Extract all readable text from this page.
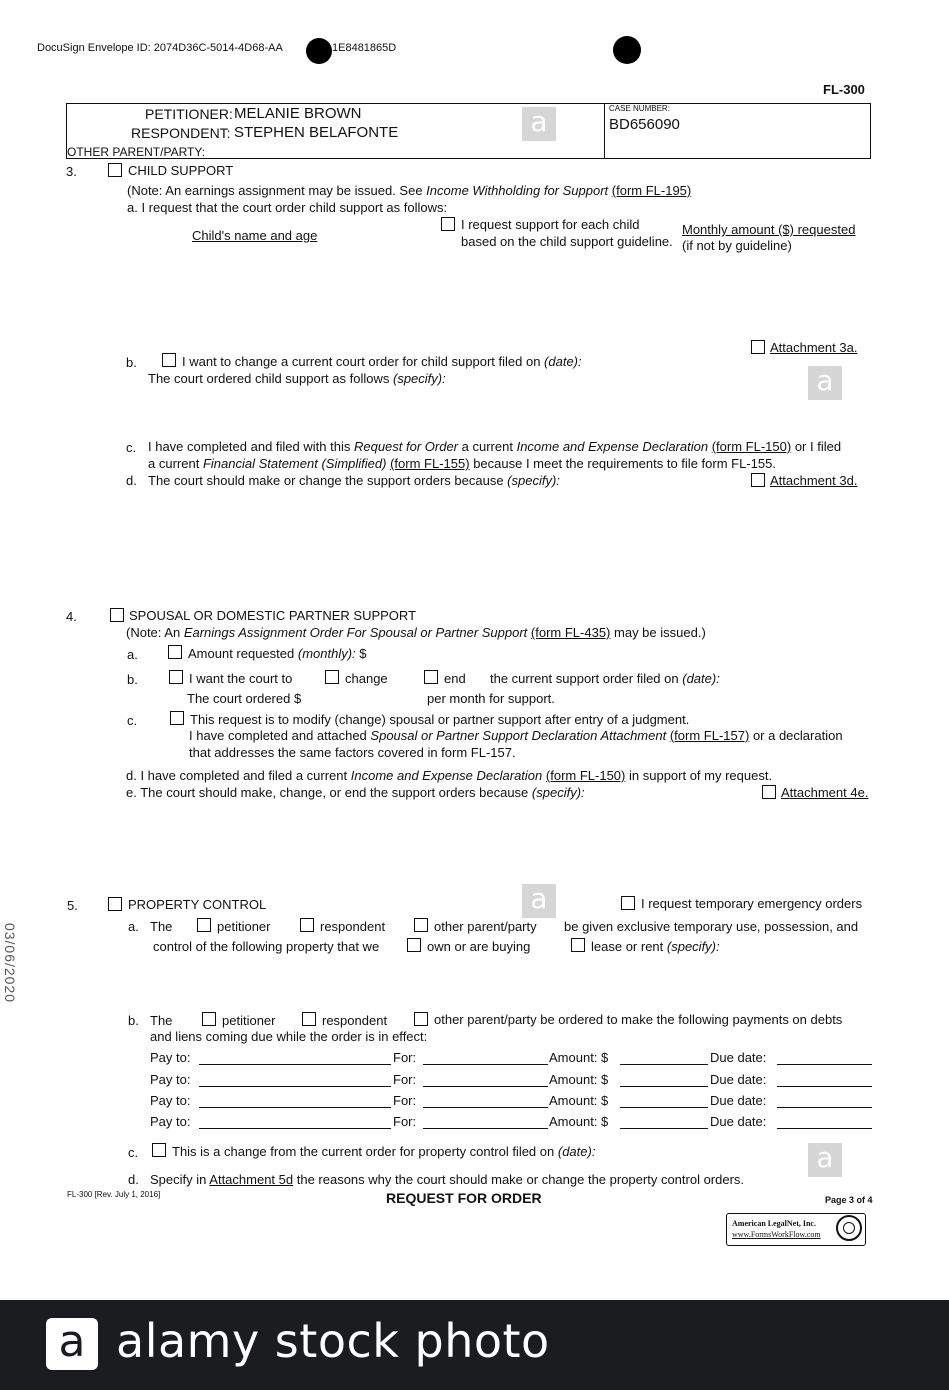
DocuSign Envelope ID: 2074D36C-5014-4D68-AA	1E8481865D
FL-300
PETITIONER: MELANIE BROWN
RESPONDENT: STEPHEN BELAFONTE
OTHER PARENT/PARTY:
CASE NUMBER:
BD656090
3.	CHILD SUPPORT
(Note: An earnings assignment may be issued. See Income Withholding for Support (form FL-195)
a. I request that the court order child support as follows:
Child's name and age
I request support for each child
based on the child support guideline.
Monthly amount ($) requested
(if not by guideline)
Attachment 3a.
b.	I want to change a current court order for child support filed on (date):
The court ordered child support as follows (specify):
c. I have completed and filed with this Request for Order a current Income and Expense Declaration (form FL-150) or I filed
a current Financial Statement (Simplified) (form FL-155) because I meet the requirements to file form FL-155.
d. The court should make or change the support orders because (specify):	Attachment 3d.
4.	SPOUSAL OR DOMESTIC PARTNER SUPPORT
(Note: An Earnings Assignment Order For Spousal or Partner Support (form FL-435) may be issued.)
a.	Amount requested (monthly): $
b.	I want the court to	change	end the current support order filed on (date):
The court ordered $	per month for support.
c.	This request is to modify (change) spousal or partner support after entry of a judgment.
I have completed and attached Spousal or Partner Support Declaration Attachment (form FL-157) or a declaration
that addresses the same factors covered in form FL-157.
d. I have completed and filed a current Income and Expense Declaration (form FL-150) in support of my request.
e. The court should make, change, or end the support orders because (specify):	Attachment 4e.
5.	PROPERTY CONTROL	I request temporary emergency orders
a. The	petitioner	respondent	other parent/party be given exclusive temporary use, possession, and
control of the following property that we	own or are buying	lease or rent (specify):
b. The	petitioner	respondent	other parent/party be ordered to make the following payments on debts
and liens coming due while the order is in effect:
Pay to:	For:	Amount: $	Due date:
Pay to:	For:	Amount: $	Due date:
Pay to:	For:	Amount: $	Due date:
Pay to:	For:	Amount: $	Due date:
c.	This is a change from the current order for property control filed on (date):
d. Specify in Attachment 5d the reasons why the court should make or change the property control orders.
FL-300 [Rev. July 1, 2016]	REQUEST FOR ORDER	Page 3 of 4
American LegalNet, Inc.
www.FormsWorkFlow.com
03/06/2020
a
a
a
a
a alamy stock photo
